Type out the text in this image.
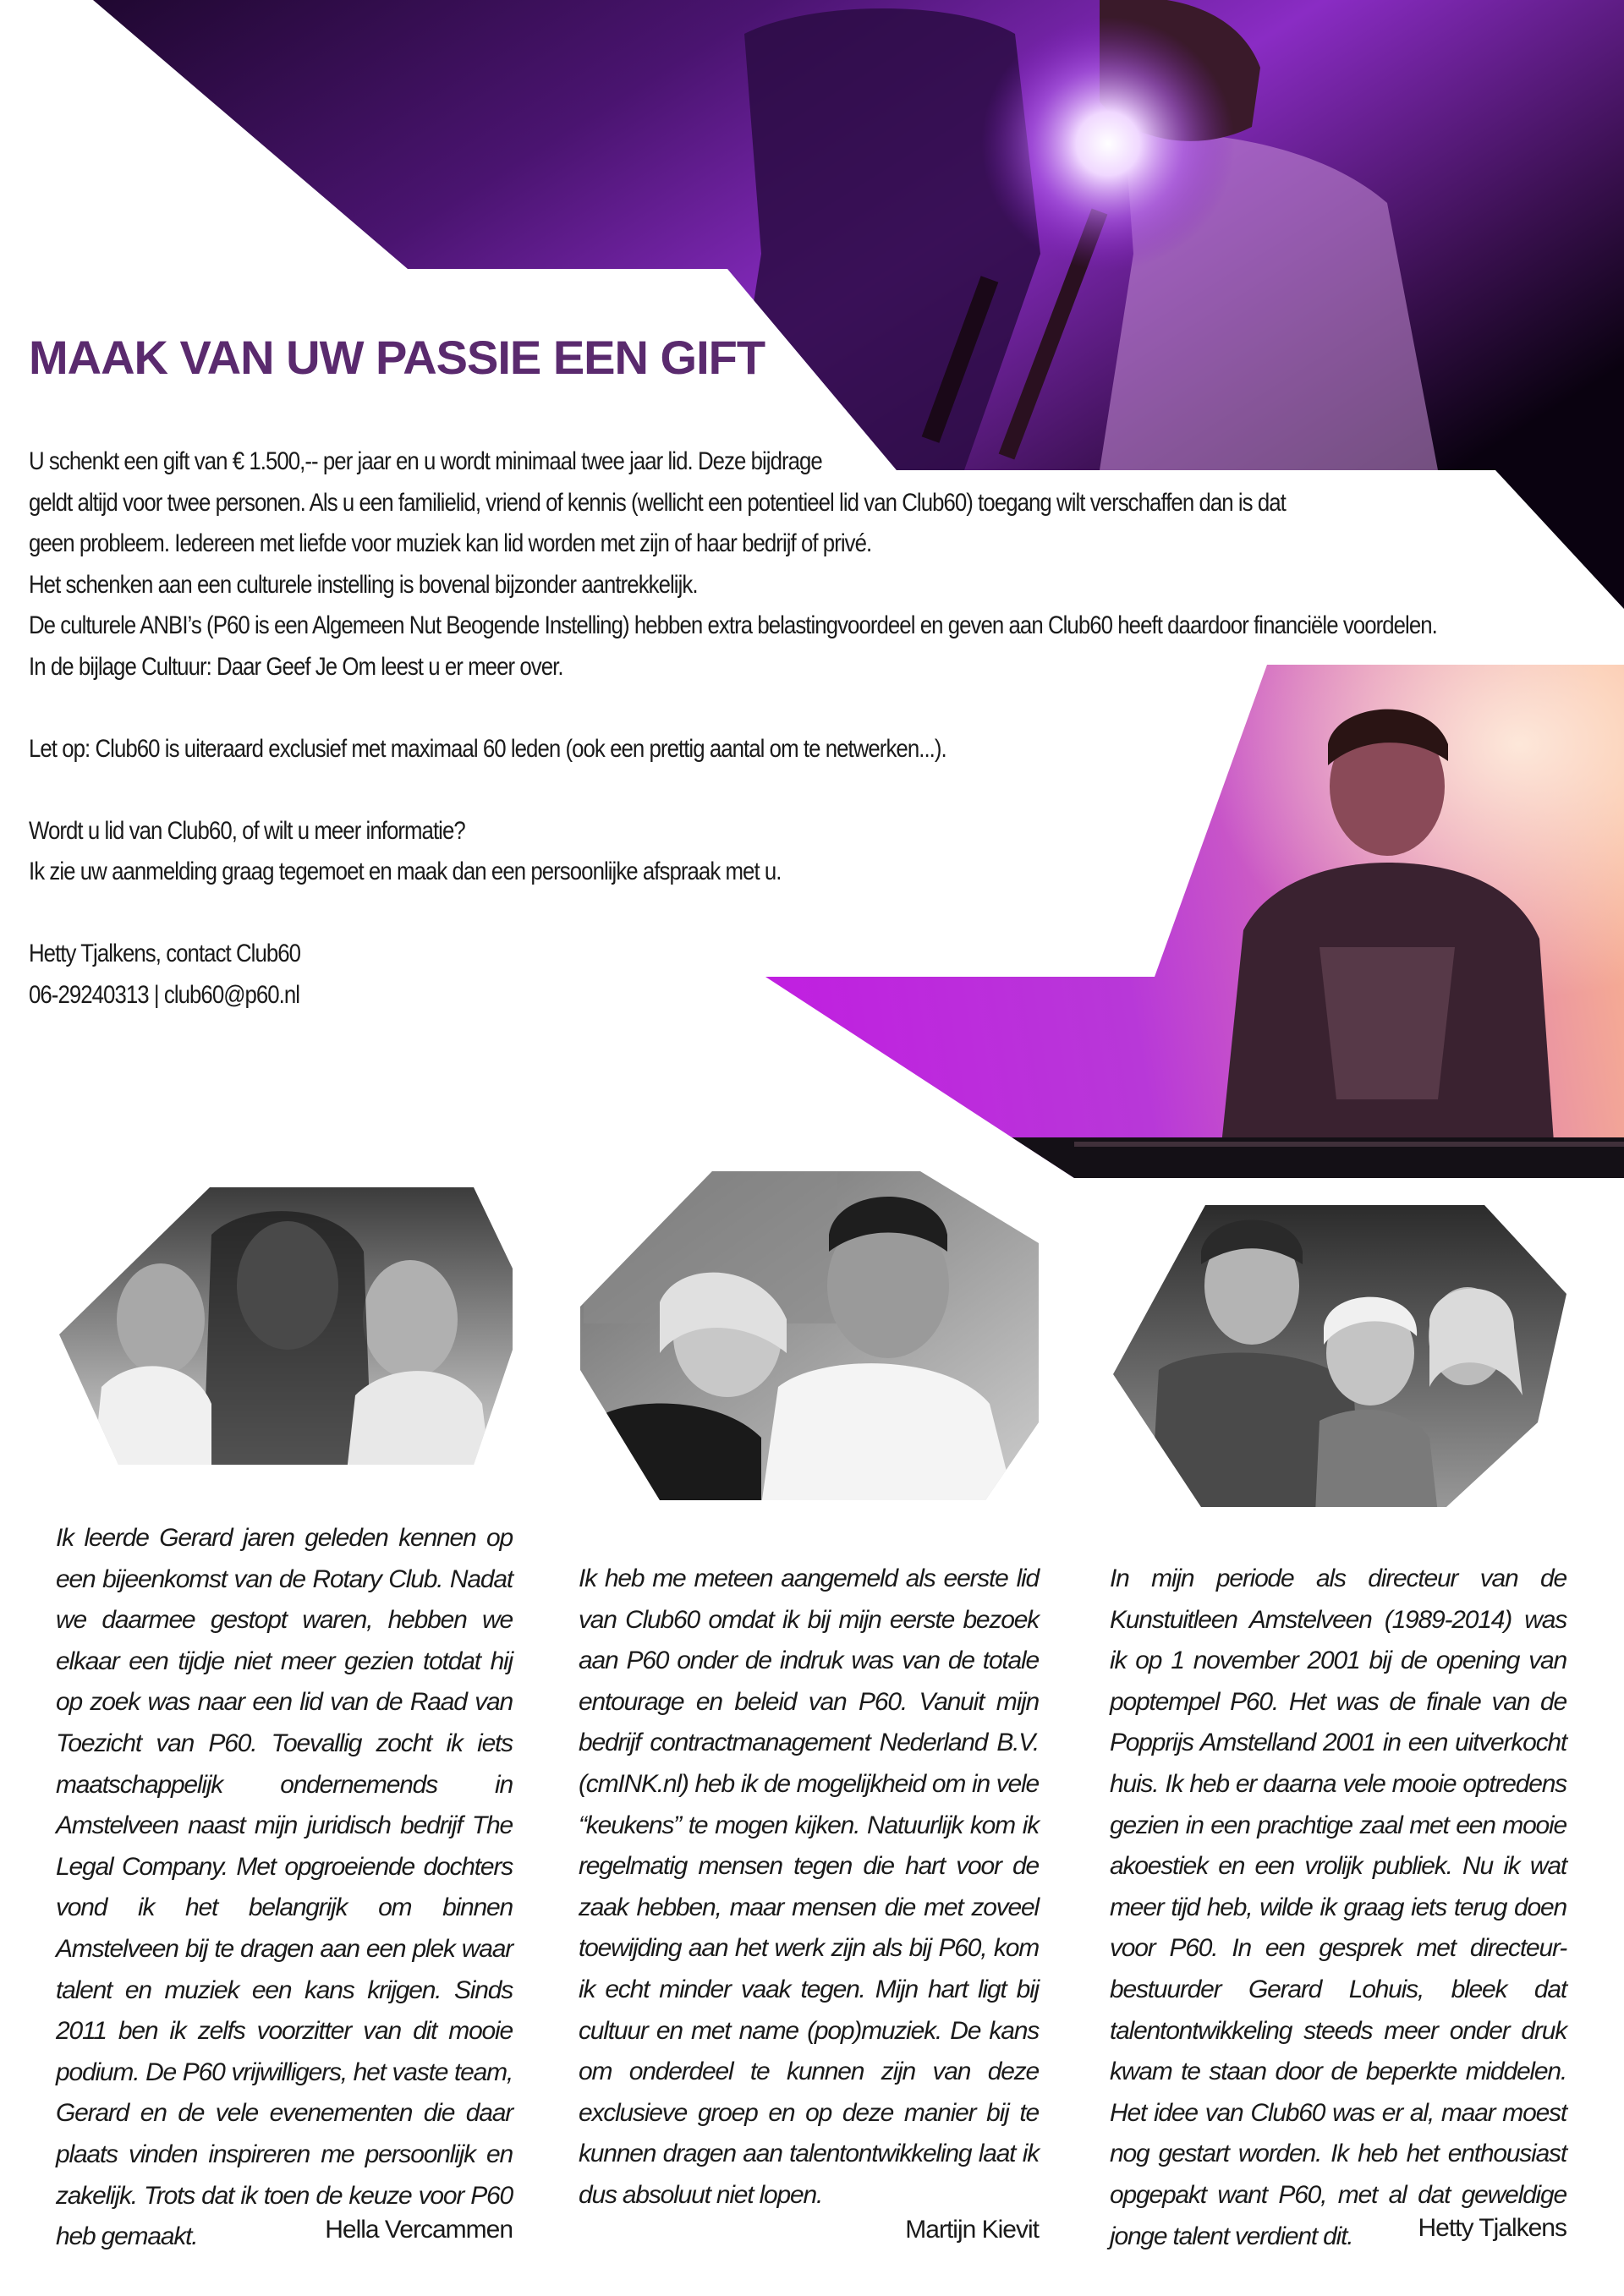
MAAK VAN UW PASSIE EEN GIFT
U schenkt een gift van € 1.500,-- per jaar en u wordt minimaal twee jaar lid. Deze bijdrage
geldt altijd voor twee personen. Als u een familielid, vriend of kennis (wellicht een potentieel lid van Club60) toegang wilt verschaffen dan is dat
geen probleem. Iedereen met liefde voor muziek kan lid worden met zijn of haar bedrijf of privé.
Het schenken aan een culturele instelling is bovenal bijzonder aantrekkelijk.
De culturele ANBI’s (P60 is een Algemeen Nut Beogende Instelling) hebben extra belastingvoordeel en geven aan Club60 heeft daardoor financiële voordelen.
In de bijlage Cultuur: Daar Geef Je Om leest u er meer over.
Let op: Club60 is uiteraard exclusief met maximaal 60 leden (ook een prettig aantal om te netwerken...).
Wordt u lid van Club60, of wilt u meer informatie?
Ik zie uw aanmelding graag tegemoet en maak dan een persoonlijke afspraak met u.
Hetty Tjalkens, contact Club60
06-29240313 | club60@p60.nl
Ik leerde Gerard jaren geleden kennen op een bijeenkomst van de Rotary Club. Nadat we daarmee gestopt waren, hebben we elkaar een tijdje niet meer gezien totdat hij op zoek was naar een lid van de Raad van Toezicht van P60. Toevallig zocht ik iets maatschappelijk ondernemends in Amstelveen naast mijn juridisch bedrijf The Legal Company. Met opgroeiende dochters vond ik het belangrijk om binnen Amstelveen bij te dragen aan een plek waar talent en muziek een kans krijgen. Sinds 2011 ben ik zelfs voorzitter van dit mooie podium. De P60 vrijwilligers, het vaste team, Gerard en de vele evenementen die daar plaats vinden inspireren me persoonlijk en zakelijk. Trots dat ik toen de keuze voor P60 heb gemaakt.	Hella Vercammen
Ik heb me meteen aangemeld als eerste lid van Club60 omdat ik bij mijn eerste bezoek aan P60 onder de indruk was van de totale entourage en beleid van P60. Vanuit mijn bedrijf contractmanagement Nederland B.V. (cmINK.nl) heb ik de mogelijkheid om in vele “keukens” te mogen kijken. Natuurlijk kom ik regelmatig mensen tegen die hart voor de zaak hebben, maar mensen die met zoveel toewijding aan het werk zijn als bij P60, kom ik echt minder vaak tegen. Mijn hart ligt bij cultuur en met name (pop)muziek. De kans om onderdeel te kunnen zijn van deze exclusieve groep en op deze manier bij te kunnen dragen aan talentontwikkeling laat ik dus absoluut niet lopen.
Martijn Kievit
In mijn periode als directeur van de Kunstuitleen Amstelveen (1989-2014) was ik op 1 november 2001 bij de opening van poptempel P60. Het was de finale van de Popprijs Amstelland 2001 in een uitverkocht huis. Ik heb er daarna vele mooie optredens gezien in een prachtige zaal met een mooie akoestiek en een vrolijk publiek. Nu ik wat meer tijd heb, wilde ik graag iets terug doen voor P60. In een gesprek met directeur-bestuurder Gerard Lohuis, bleek dat talentontwikkeling steeds meer onder druk kwam te staan door de beperkte middelen. Het idee van Club60 was er al, maar moest nog gestart worden. Ik heb het enthousiast opgepakt want P60, met al dat geweldige jonge talent verdient dit.	Hetty Tjalkens
